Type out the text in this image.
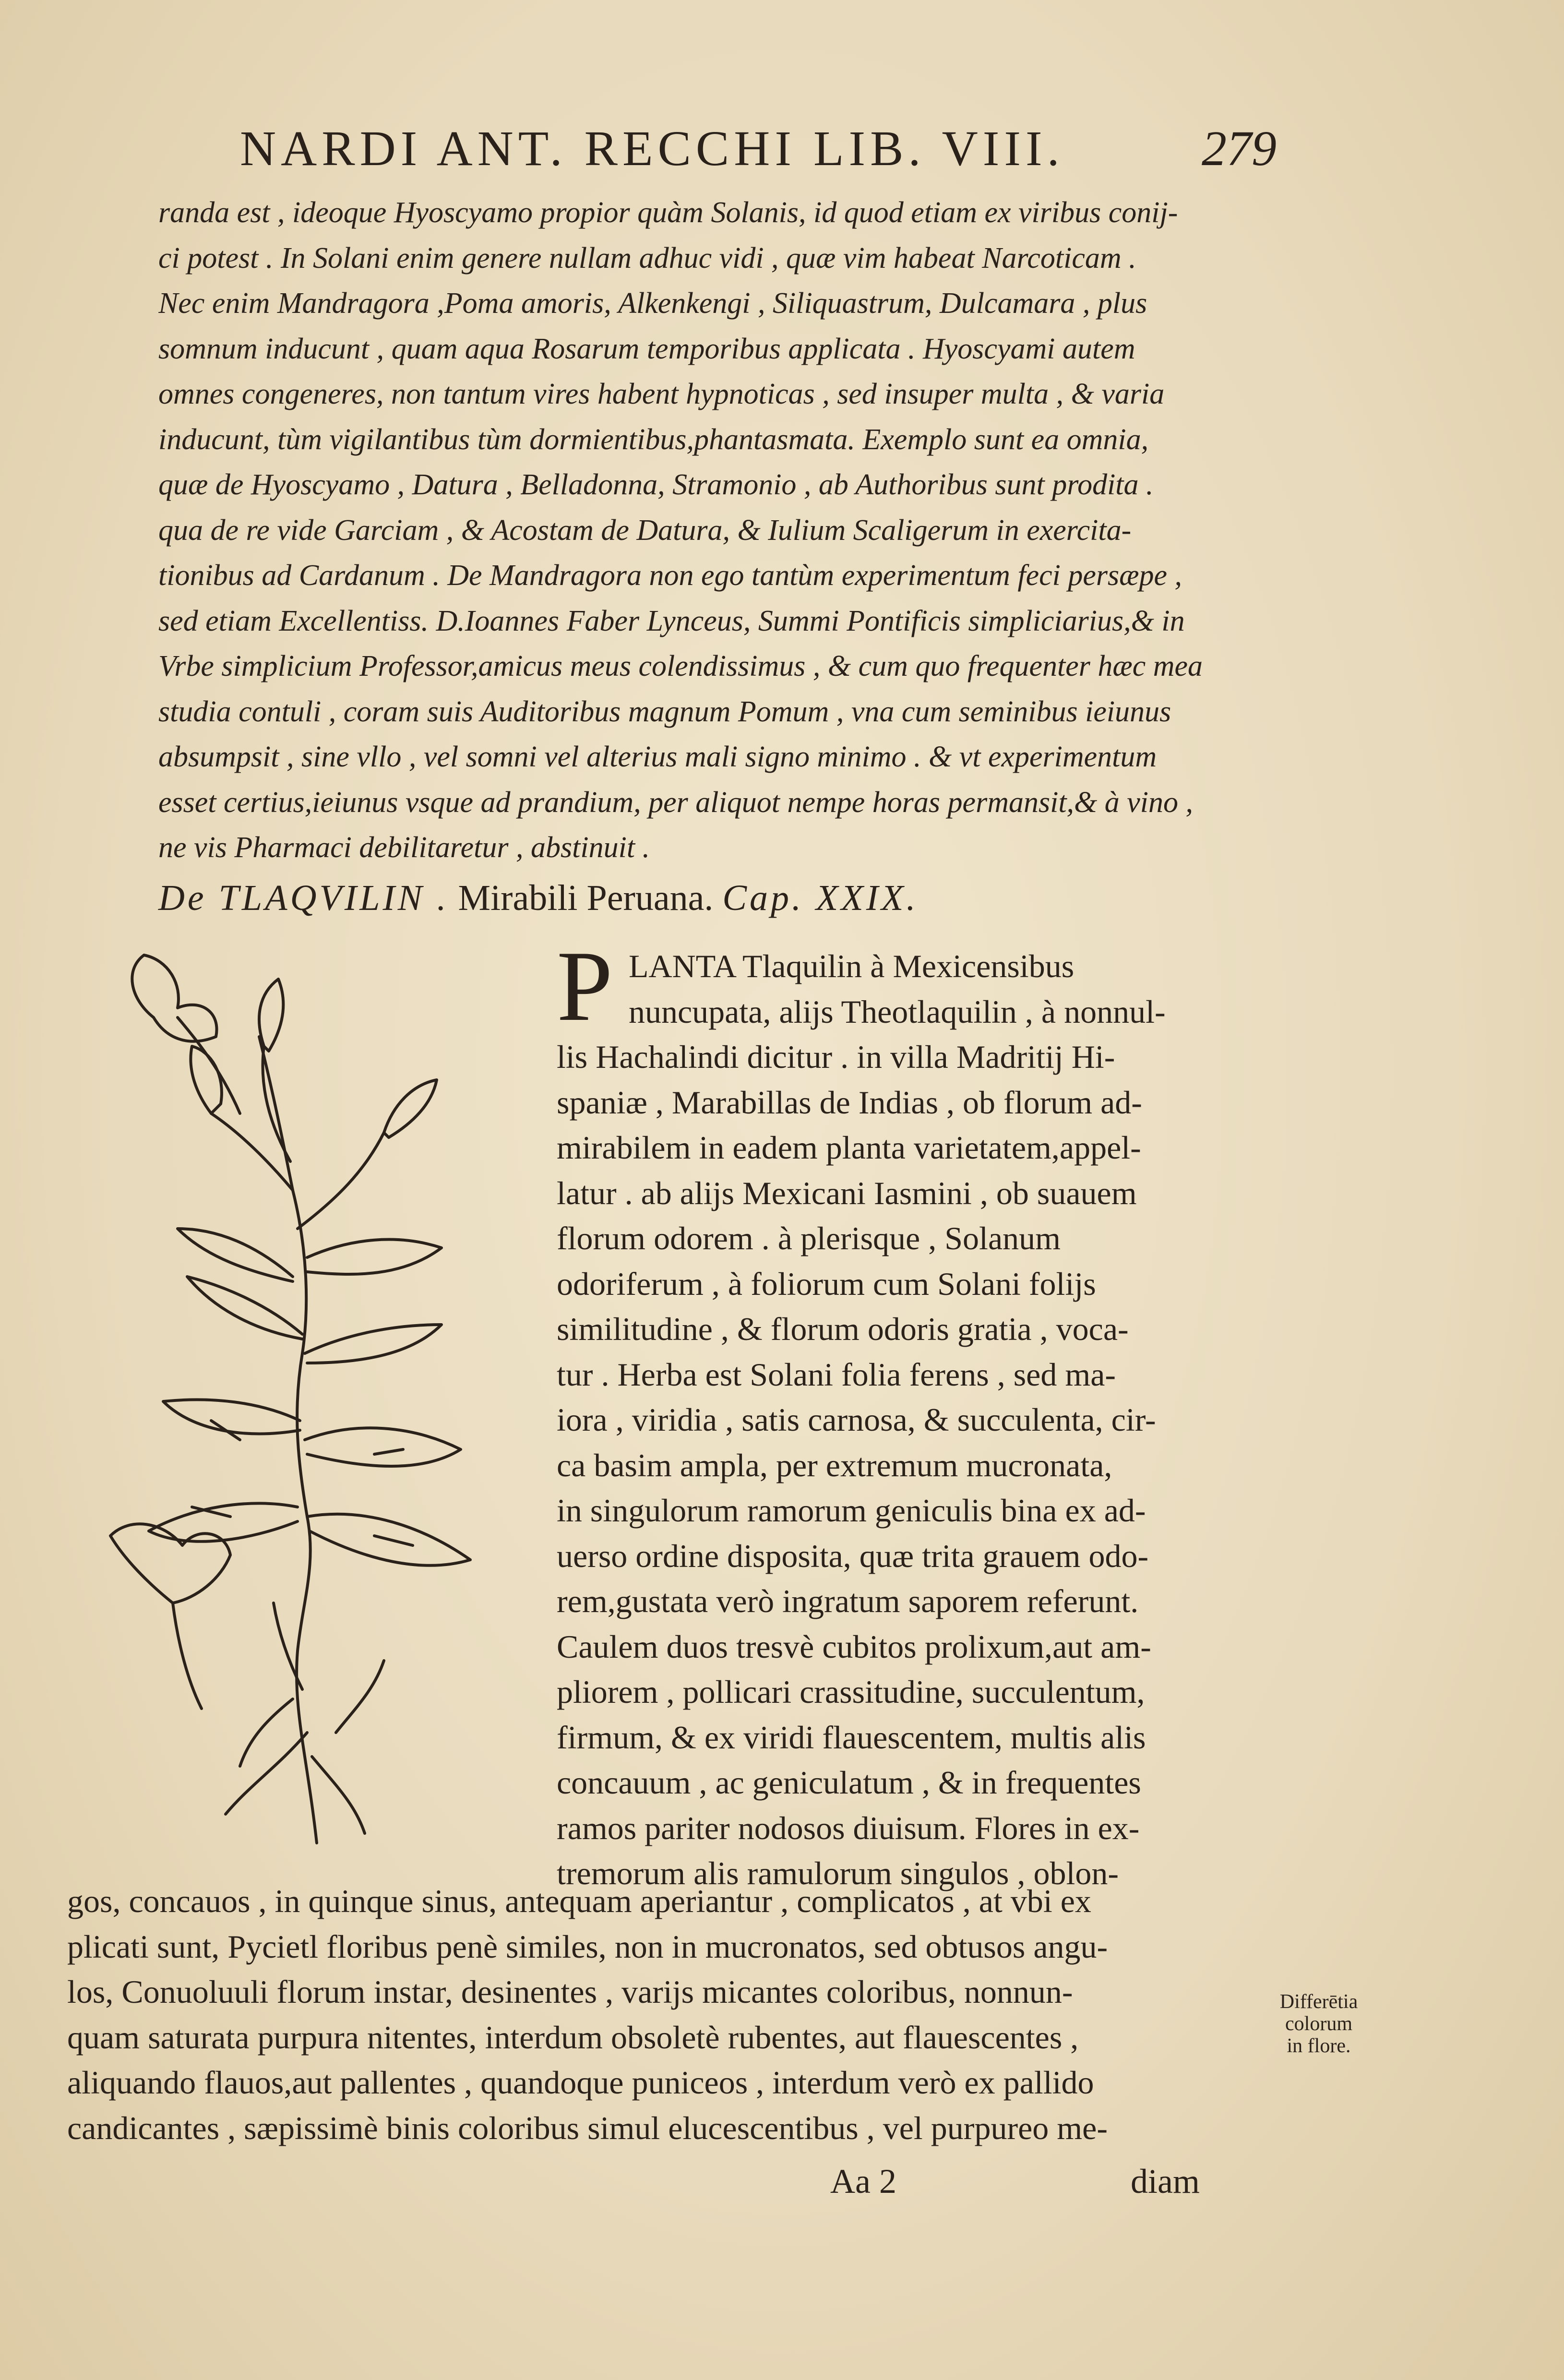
NARDI ANT. RECCHI LIB. VIII.	279
randa est , ideoque Hyoscyamo propior quàm Solanis, id quod etiam ex viribus conij-
ci potest . In Solani enim genere nullam adhuc vidi , quæ vim habeat Narcoticam .
Nec enim Mandragora ,Poma amoris, Alkenkengi , Siliquastrum, Dulcamara , plus
somnum inducunt , quam aqua Rosarum temporibus applicata . Hyoscyami autem
omnes congeneres, non tantum vires habent hypnoticas , sed insuper multa , & varia
inducunt, tùm vigilantibus tùm dormientibus,phantasmata. Exemplo sunt ea omnia,
quæ de Hyoscyamo , Datura , Belladonna, Stramonio , ab Authoribus sunt prodita .
qua de re vide Garciam , & Acostam de Datura, & Iulium Scaligerum in exercita-
tionibus ad Cardanum . De Mandragora non ego tantùm experimentum feci persæpe ,
sed etiam Excellentiss. D.Ioannes Faber Lynceus, Summi Pontificis simpliciarius,& in
Vrbe simplicium Professor,amicus meus colendissimus , & cum quo frequenter hæc mea
studia contuli , coram suis Auditoribus magnum Pomum , vna cum seminibus ieiunus
absumpsit , sine vllo , vel somni vel alterius mali signo minimo . & vt experimentum
esset certius,ieiunus vsque ad prandium, per aliquot nempe horas permansit,& à vino ,
ne vis Pharmaci debilitaretur , abstinuit .
De TLAQVILIN . Mirabili Peruana. Cap. XXIX.
P LANTA Tlaquilin à Mexicensibus
nuncupata, alijs Theotlaquilin , à nonnul-
lis Hachalindi dicitur . in villa Madritij Hi-
spaniæ , Marabillas de Indias , ob florum ad-
mirabilem in eadem planta varietatem,appel-
latur . ab alijs Mexicani Iasmini , ob suauem
florum odorem . à plerisque , Solanum
odoriferum , à foliorum cum Solani folijs
similitudine , & florum odoris gratia , voca-
tur . Herba est Solani folia ferens , sed ma-
iora , viridia , satis carnosa, & succulenta, cir-
ca basim ampla, per extremum mucronata,
in singulorum ramorum geniculis bina ex ad-
uerso ordine disposita, quæ trita grauem odo-
rem,gustata verò ingratum saporem referunt.
Caulem duos tresvè cubitos prolixum,aut am-
pliorem , pollicari crassitudine, succulentum,
firmum, & ex viridi flauescentem, multis alis
concauum , ac geniculatum , & in frequentes
ramos pariter nodosos diuisum. Flores in ex-
tremorum alis ramulorum singulos , oblon-
gos, concauos , in quinque sinus, antequam aperiantur , complicatos , at vbi ex
plicati sunt, Pycietl floribus penè similes, non in mucronatos, sed obtusos angu-
los, Conuoluuli florum instar, desinentes , varijs micantes coloribus, nonnun-
quam saturata purpura nitentes, interdum obsoletè rubentes, aut flauescentes ,
aliquando flauos,aut pallentes , quandoque puniceos , interdum verò ex pallido
candicantes , sæpissimè binis coloribus simul elucescentibus , vel purpureo me-
Differētia
colorum
in flore.
Aa 2	diam
